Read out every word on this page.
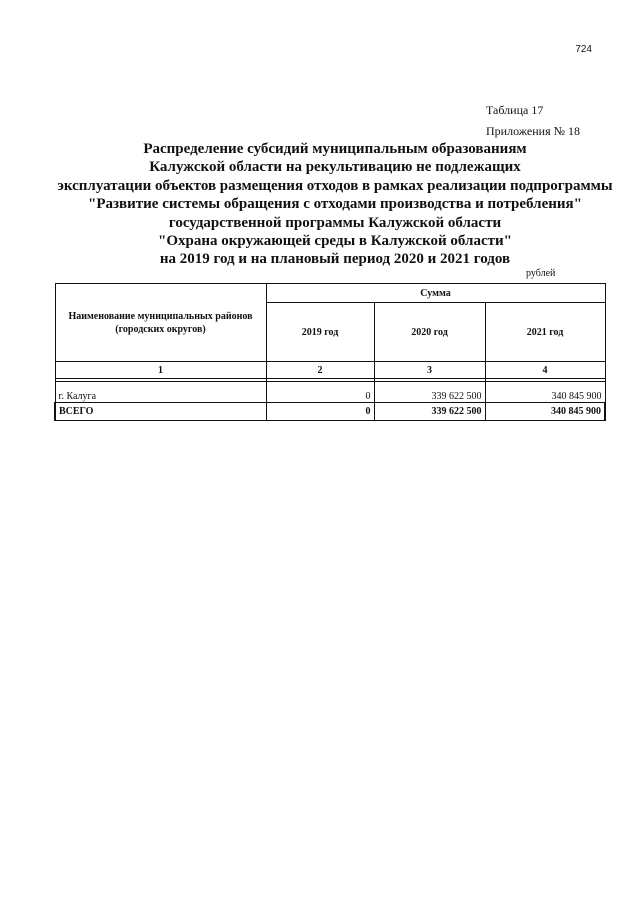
724
Таблица 17
Приложения № 18
Распределение субсидий муниципальным образованиям
Калужской области на рекультивацию не подлежащих
эксплуатации объектов размещения отходов в рамках реализации подпрограммы
"Развитие системы обращения с отходами производства и потребления"
государственной программы Калужской области
"Охрана окружающей среды в Калужской области"
на 2019 год и на плановый период 2020 и 2021 годов
рублей
Наименование муниципальных районов (городских округов)	Сумма		
	2019 год	2020 год	2021 год
1	2	3	4

г. Калуга	0	339 622 500	340 845 900
ВСЕГО	0	339 622 500	340 845 900
